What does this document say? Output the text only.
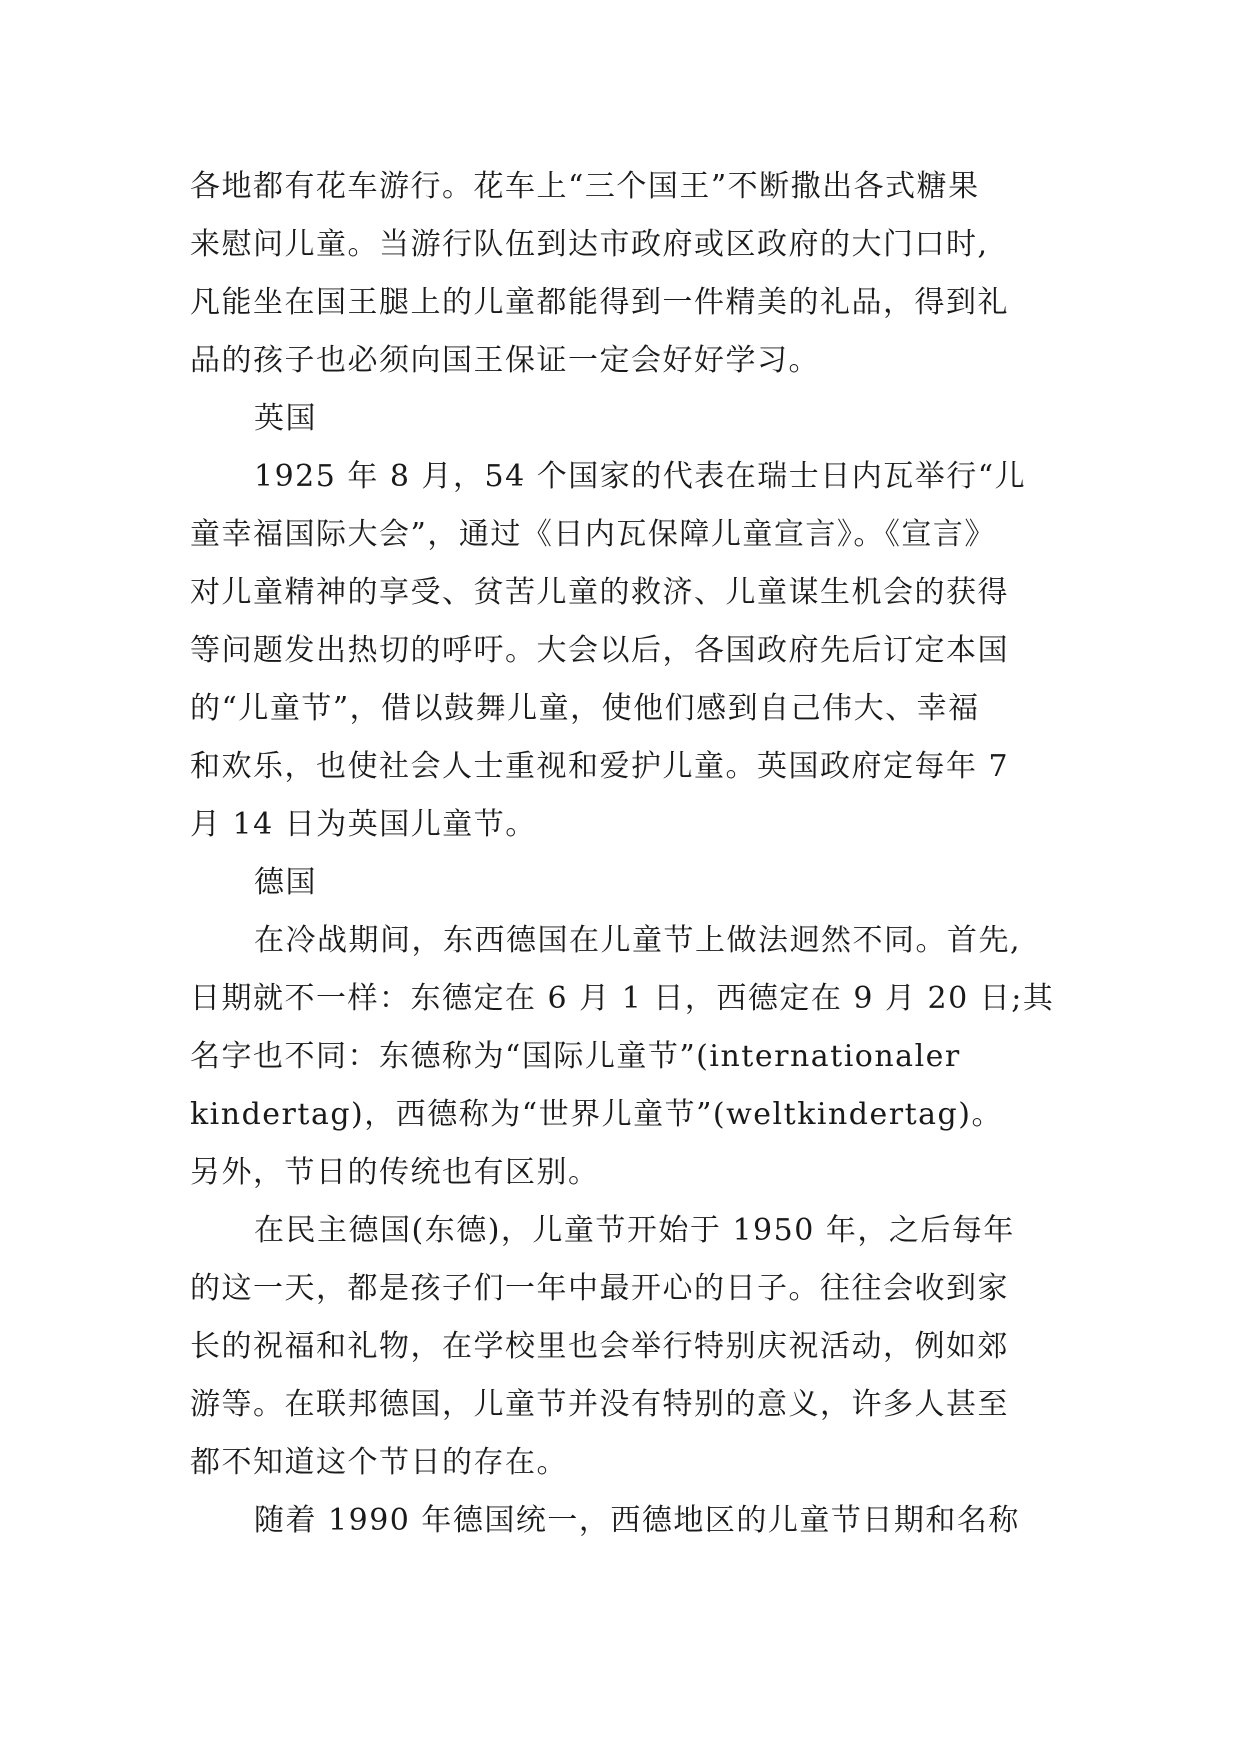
各地都有花车游行。花车上“三个国王”不断撒出各式糖果
来慰问儿童。当游行队伍到达市政府或区政府的大门口时,
凡能坐在国王腿上的儿童都能得到一件精美的礼品，得到礼
品的孩子也必须向国王保证一定会好好学习。

英国

1925 年 8 月，54 个国家的代表在瑞士日内瓦举行“儿
童幸福国际大会”，通过《日内瓦保障儿童宣言》。《宣言》
对儿童精神的享受、贫苦儿童的救济、儿童谋生机会的获得
等问题发出热切的呼吁。大会以后，各国政府先后订定本国
的“儿童节”，借以鼓舞儿童，使他们感到自己伟大、幸福
和欢乐，也使社会人士重视和爱护儿童。英国政府定每年 7
月 14 日为英国儿童节。

德国

在冷战期间，东西德国在儿童节上做法迥然不同。首先,
日期就不一样：东德定在 6 月 1 日，西德定在 9 月 20 日;其
名字也不同：东德称为“国际儿童节”(internationaler
kindertag)，西德称为“世界儿童节”(weltkindertag)。
另外，节日的传统也有区别。

在民主德国(东德)，儿童节开始于 1950 年，之后每年
的这一天，都是孩子们一年中最开心的日子。往往会收到家
长的祝福和礼物，在学校里也会举行特别庆祝活动，例如郊
游等。在联邦德国，儿童节并没有特别的意义，许多人甚至
都不知道这个节日的存在。

随着 1990 年德国统一，西德地区的儿童节日期和名称
